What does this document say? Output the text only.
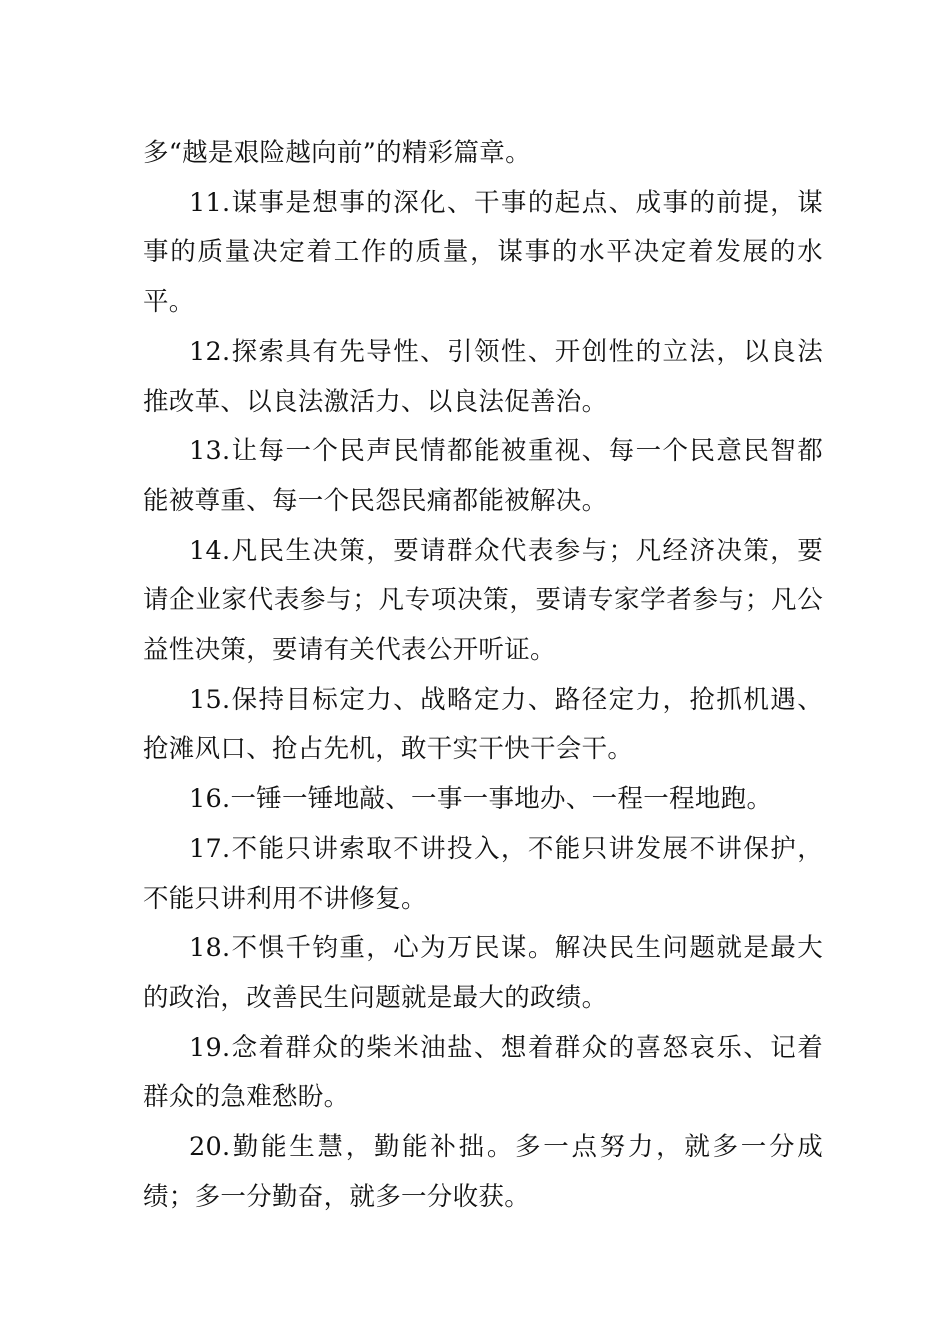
多“越是艰险越向前”的精彩篇章。

11.谋事是想事的深化、干事的起点、成事的前提，谋事的质量决定着工作的质量，谋事的水平决定着发展的水平。

12.探索具有先导性、引领性、开创性的立法，以良法推改革、以良法激活力、以良法促善治。

13.让每一个民声民情都能被重视、每一个民意民智都能被尊重、每一个民怨民痛都能被解决。

14.凡民生决策，要请群众代表参与；凡经济决策，要请企业家代表参与；凡专项决策，要请专家学者参与；凡公益性决策，要请有关代表公开听证。

15.保持目标定力、战略定力、路径定力，抢抓机遇、抢滩风口、抢占先机，敢干实干快干会干。

16.一锤一锤地敲、一事一事地办、一程一程地跑。

17.不能只讲索取不讲投入，不能只讲发展不讲保护，不能只讲利用不讲修复。

18.不惧千钧重，心为万民谋。解决民生问题就是最大的政治，改善民生问题就是最大的政绩。

19.念着群众的柴米油盐、想着群众的喜怒哀乐、记着群众的急难愁盼。

20.勤能生慧，勤能补拙。多一点努力，就多一分成绩；多一分勤奋，就多一分收获。
